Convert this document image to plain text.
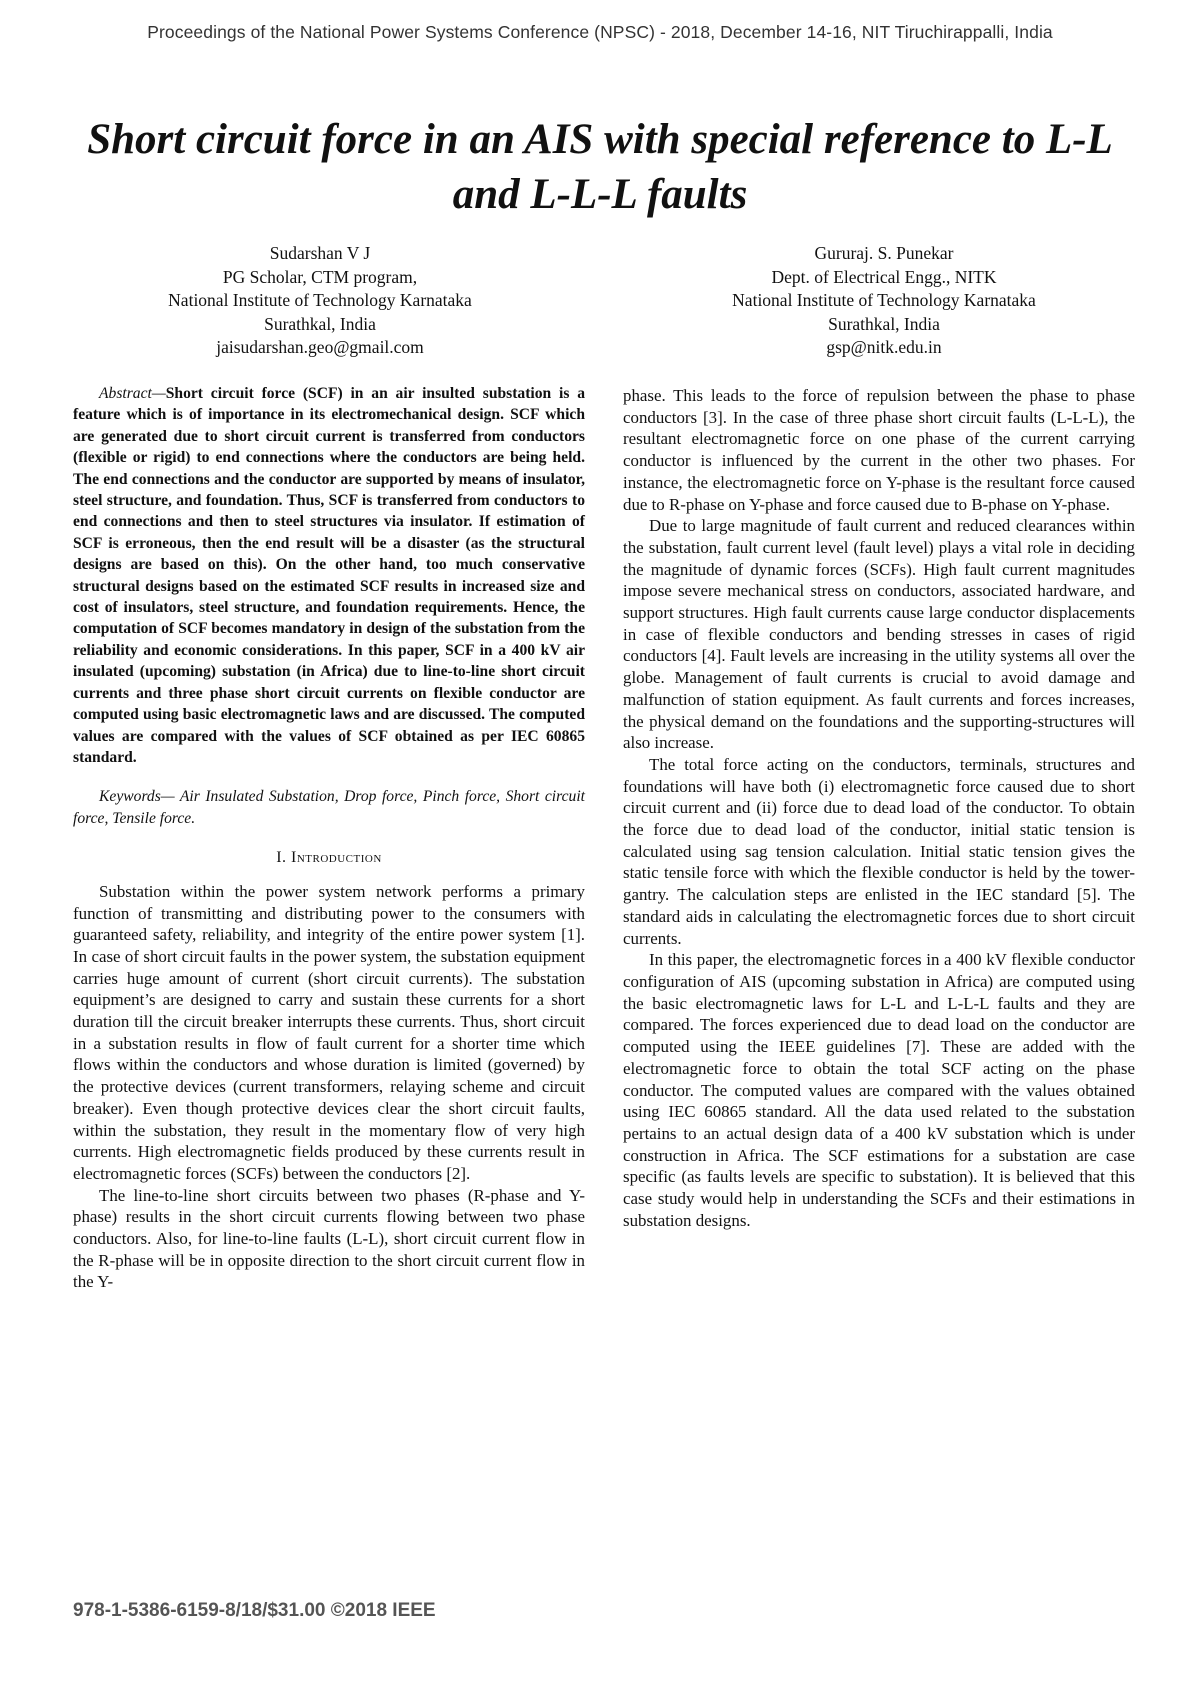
Proceedings of the National Power Systems Conference (NPSC) - 2018, December 14-16, NIT Tiruchirappalli, India
Short circuit force in an AIS with special reference to L-L and L-L-L faults
Sudarshan V J
PG Scholar, CTM program,
National Institute of Technology Karnataka
Surathkal, India
jaisudarshan.geo@gmail.com
Gururaj. S. Punekar
Dept. of Electrical Engg., NITK
National Institute of Technology Karnataka
Surathkal, India
gsp@nitk.edu.in

Abstract—Short circuit force (SCF) in an air insulted substation is a feature which is of importance in its electromechanical design. SCF which are generated due to short circuit current is transferred from conductors (flexible or rigid) to end connections where the conductors are being held. The end connections and the conductor are supported by means of insulator, steel structure, and foundation. Thus, SCF is transferred from conductors to end connections and then to steel structures via insulator. If estimation of SCF is erroneous, then the end result will be a disaster (as the structural designs are based on this). On the other hand, too much conservative structural designs based on the estimated SCF results in increased size and cost of insulators, steel structure, and foundation requirements. Hence, the computation of SCF becomes mandatory in design of the substation from the reliability and economic considerations. In this paper, SCF in a 400 kV air insulated (upcoming) substation (in Africa) due to line-to-line short circuit currents and three phase short circuit currents on flexible conductor are computed using basic electromagnetic laws and are discussed. The computed values are compared with the values of SCF obtained as per IEC 60865 standard.

Keywords— Air Insulated Substation, Drop force, Pinch force, Short circuit force, Tensile force.

I. Introduction

Substation within the power system network performs a primary function of transmitting and distributing power to the consumers with guaranteed safety, reliability, and integrity of the entire power system [1]. In case of short circuit faults in the power system, the substation equipment carries huge amount of current (short circuit currents). The substation equipment’s are designed to carry and sustain these currents for a short duration till the circuit breaker interrupts these currents. Thus, short circuit in a substation results in flow of fault current for a shorter time which flows within the conductors and whose duration is limited (governed) by the protective devices (current transformers, relaying scheme and circuit breaker). Even though protective devices clear the short circuit faults, within the substation, they result in the momentary flow of very high currents. High electromagnetic fields produced by these currents result in electromagnetic forces (SCFs) between the conductors [2].

The line-to-line short circuits between two phases (R-phase and Y-phase) results in the short circuit currents flowing between two phase conductors. Also, for line-to-line faults (L-L), short circuit current flow in the R-phase will be in opposite direction to the short circuit current flow in the Y-

phase. This leads to the force of repulsion between the phase to phase conductors [3]. In the case of three phase short circuit faults (L-L-L), the resultant electromagnetic force on one phase of the current carrying conductor is influenced by the current in the other two phases. For instance, the electromagnetic force on Y-phase is the resultant force caused due to R-phase on Y-phase and force caused due to B-phase on Y-phase.

Due to large magnitude of fault current and reduced clearances within the substation, fault current level (fault level) plays a vital role in deciding the magnitude of dynamic forces (SCFs). High fault current magnitudes impose severe mechanical stress on conductors, associated hardware, and support structures. High fault currents cause large conductor displacements in case of flexible conductors and bending stresses in cases of rigid conductors [4]. Fault levels are increasing in the utility systems all over the globe. Management of fault currents is crucial to avoid damage and malfunction of station equipment. As fault currents and forces increases, the physical demand on the foundations and the supporting-structures will also increase.

The total force acting on the conductors, terminals, structures and foundations will have both (i) electromagnetic force caused due to short circuit current and (ii) force due to dead load of the conductor. To obtain the force due to dead load of the conductor, initial static tension is calculated using sag tension calculation. Initial static tension gives the static tensile force with which the flexible conductor is held by the tower-gantry. The calculation steps are enlisted in the IEC standard [5]. The standard aids in calculating the electromagnetic forces due to short circuit currents.

In this paper, the electromagnetic forces in a 400 kV flexible conductor configuration of AIS (upcoming substation in Africa) are computed using the basic electromagnetic laws for L-L and L-L-L faults and they are compared. The forces experienced due to dead load on the conductor are computed using the IEEE guidelines [7]. These are added with the electromagnetic force to obtain the total SCF acting on the phase conductor. The computed values are compared with the values obtained using IEC 60865 standard. All the data used related to the substation pertains to an actual design data of a 400 kV substation which is under construction in Africa. The SCF estimations for a substation are case specific (as faults levels are specific to substation). It is believed that this case study would help in understanding the SCFs and their estimations in substation designs.

978-1-5386-6159-8/18/$31.00 ©2018 IEEE
